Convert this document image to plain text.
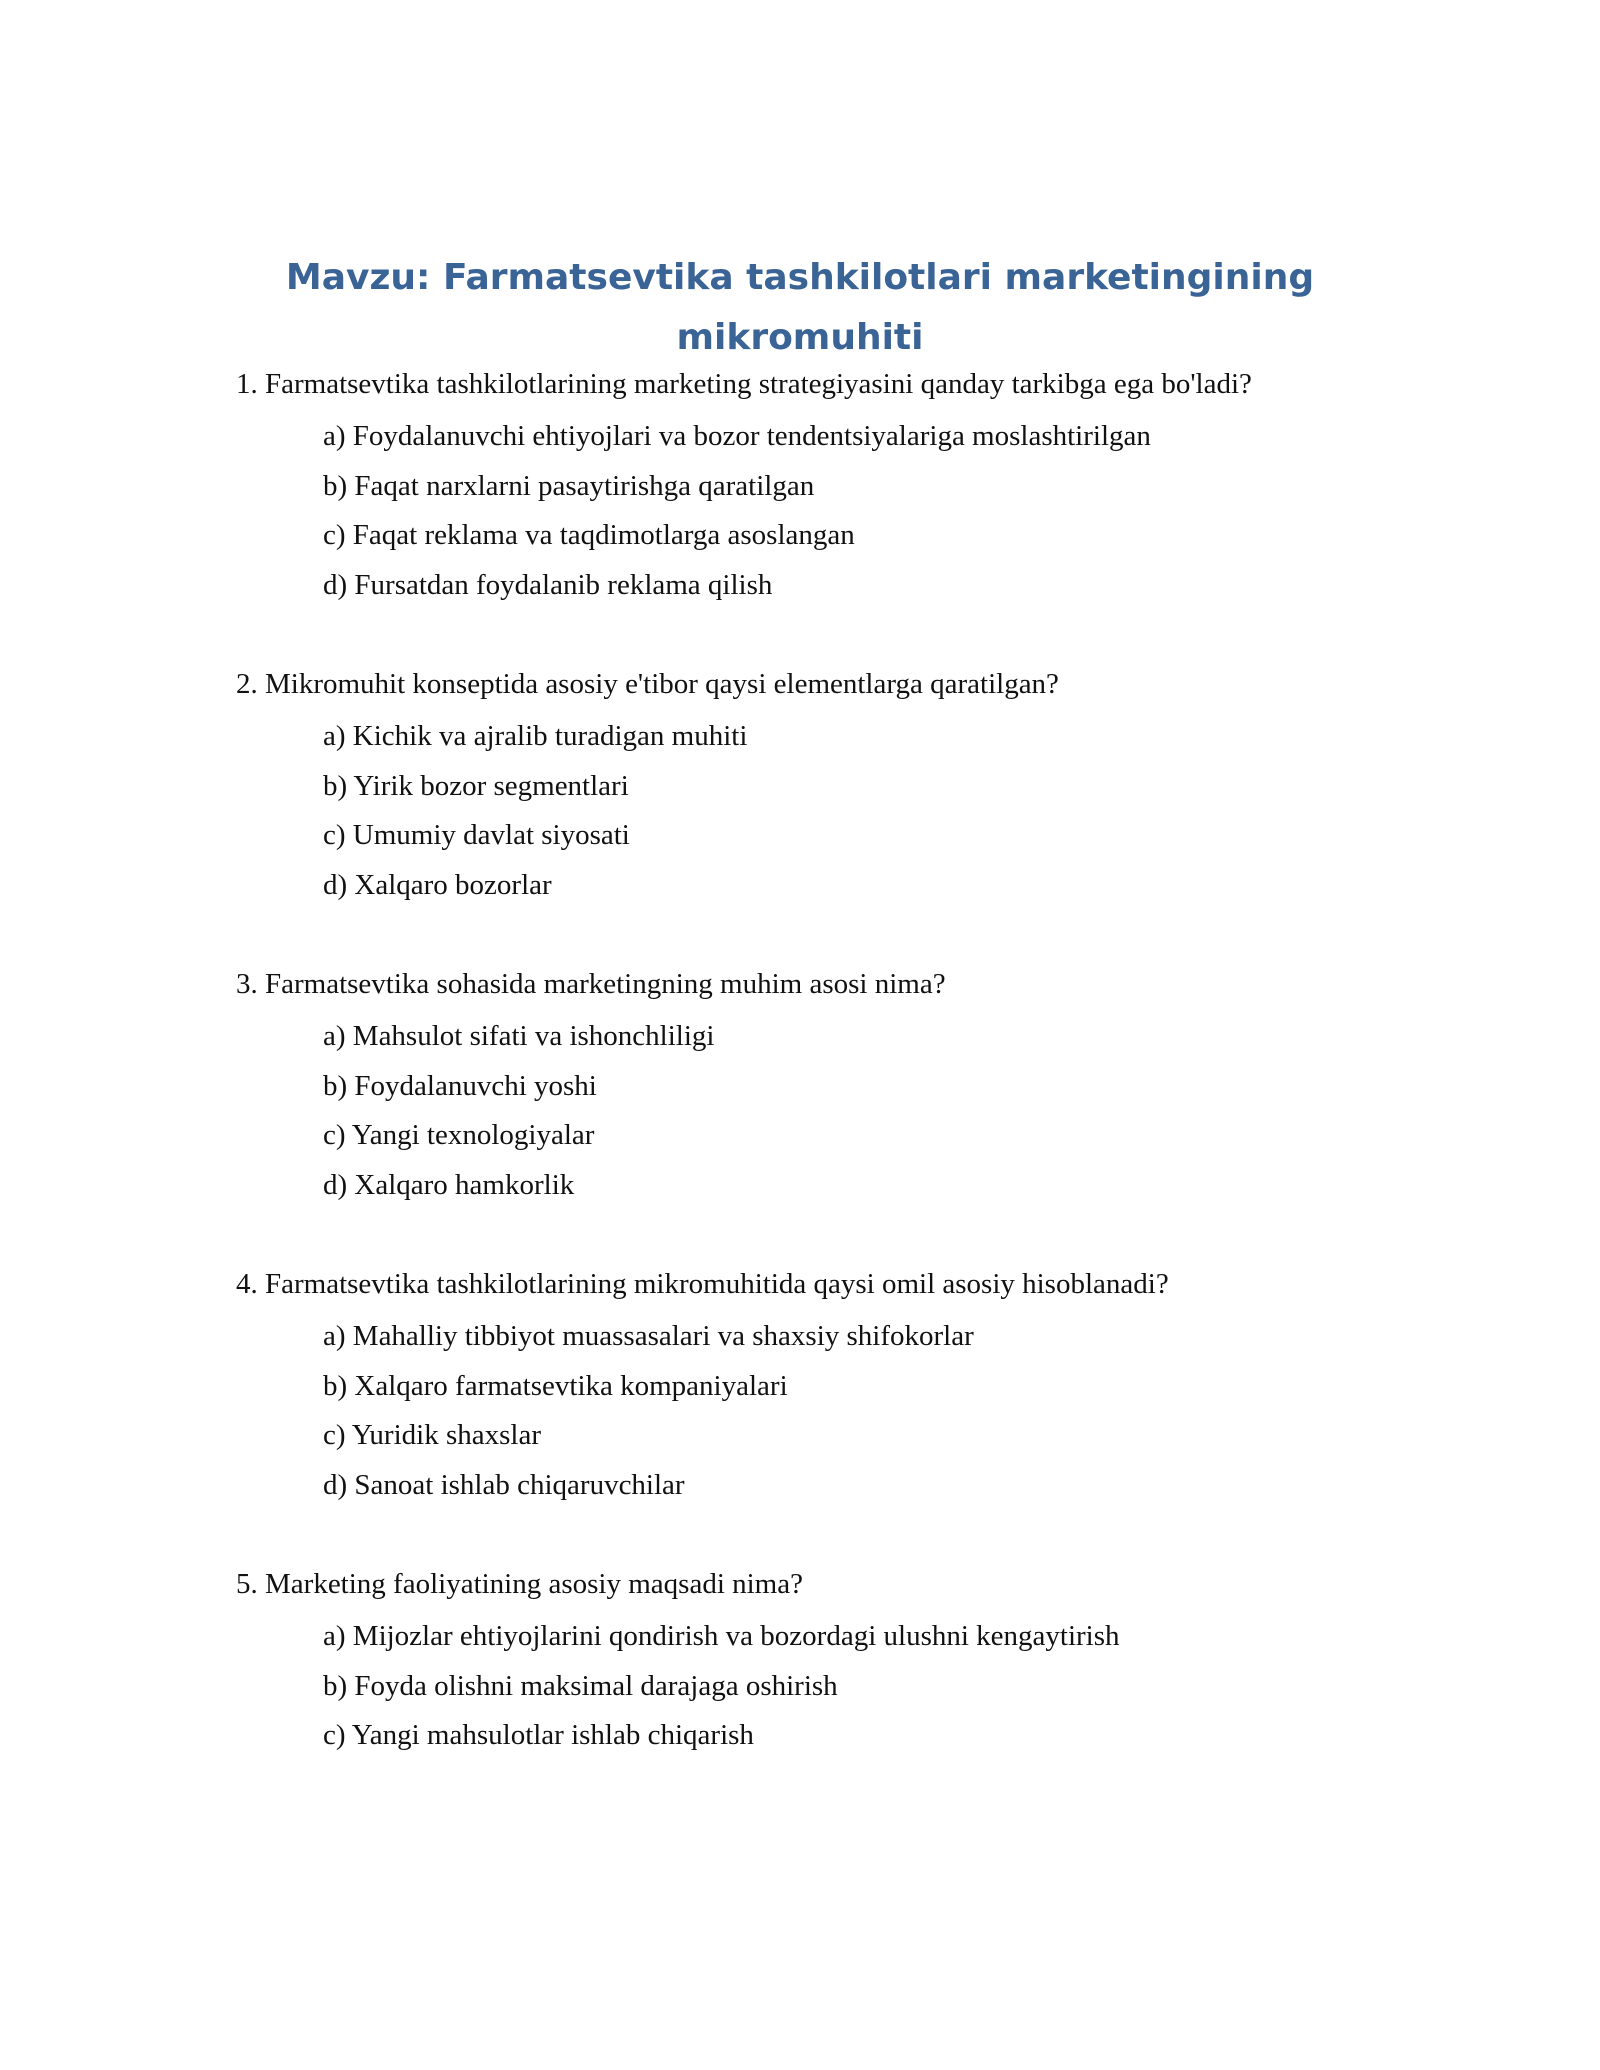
Mavzu: Farmatsevtika tashkilotlari marketingining
mikromuhiti
1. Farmatsevtika tashkilotlarining marketing strategiyasini qanday tarkibga ega bo'ladi?
a) Foydalanuvchi ehtiyojlari va bozor tendentsiyalariga moslashtirilgan
b) Faqat narxlarni pasaytirishga qaratilgan
c) Faqat reklama va taqdimotlarga asoslangan
d) Fursatdan foydalanib reklama qilish
2. Mikromuhit konseptida asosiy e'tibor qaysi elementlarga qaratilgan?
a) Kichik va ajralib turadigan muhiti
b) Yirik bozor segmentlari
c) Umumiy davlat siyosati
d) Xalqaro bozorlar
3. Farmatsevtika sohasida marketingning muhim asosi nima?
a) Mahsulot sifati va ishonchliligi
b) Foydalanuvchi yoshi
c) Yangi texnologiyalar
d) Xalqaro hamkorlik
4. Farmatsevtika tashkilotlarining mikromuhitida qaysi omil asosiy hisoblanadi?
a) Mahalliy tibbiyot muassasalari va shaxsiy shifokorlar
b) Xalqaro farmatsevtika kompaniyalari
c) Yuridik shaxslar
d) Sanoat ishlab chiqaruvchilar
5. Marketing faoliyatining asosiy maqsadi nima?
a) Mijozlar ehtiyojlarini qondirish va bozordagi ulushni kengaytirish
b) Foyda olishni maksimal darajaga oshirish
c) Yangi mahsulotlar ishlab chiqarish
